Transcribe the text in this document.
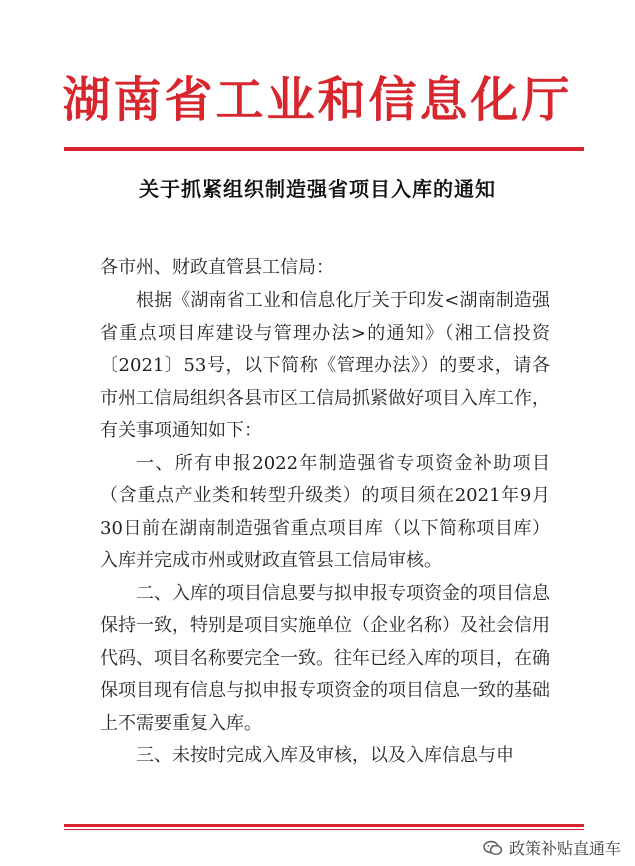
湖南省工业和信息化厅
关于抓紧组织制造强省项目入库的通知
各市州、财政直管县工信局：

根据《湖南省工业和信息化厅关于印发<湖南制造强省重点项目库建设与管理办法>的通知》（湘工信投资〔2021〕53号，以下简称《管理办法》）的要求，请各市州工信局组织各县市区工信局抓紧做好项目入库工作，有关事项通知如下：

一、所有申报2022年制造强省专项资金补助项目（含重点产业类和转型升级类）的项目须在2021年9月30日前在湖南制造强省重点项目库（以下简称项目库）入库并完成市州或财政直管县工信局审核。

二、入库的项目信息要与拟申报专项资金的项目信息保持一致，特别是项目实施单位（企业名称）及社会信用代码、项目名称要完全一致。往年已经入库的项目，在确保项目现有信息与拟申报专项资金的项目信息一致的基础上不需要重复入库。

三、未按时完成入库及审核，以及入库信息与申

政策补贴直通车
